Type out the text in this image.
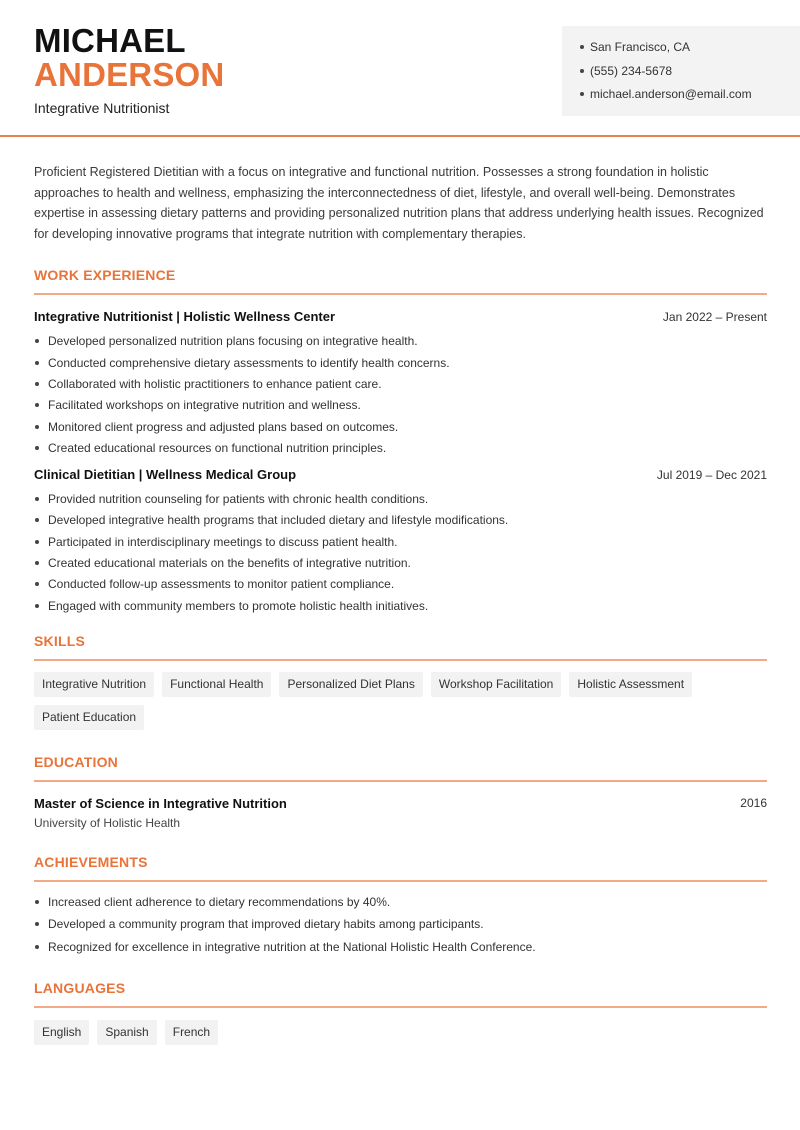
MICHAEL
ANDERSON
Integrative Nutritionist
San Francisco, CA
(555) 234-5678
michael.anderson@email.com

Proficient Registered Dietitian with a focus on integrative and functional nutrition. Possesses a strong foundation in holistic approaches to health and wellness, emphasizing the interconnectedness of diet, lifestyle, and overall well-being. Demonstrates expertise in assessing dietary patterns and providing personalized nutrition plans that address underlying health issues. Recognized for developing innovative programs that integrate nutrition with complementary therapies.

WORK EXPERIENCE
Integrative Nutritionist | Holistic Wellness Center	Jan 2022 – Present
Developed personalized nutrition plans focusing on integrative health.
Conducted comprehensive dietary assessments to identify health concerns.
Collaborated with holistic practitioners to enhance patient care.
Facilitated workshops on integrative nutrition and wellness.
Monitored client progress and adjusted plans based on outcomes.
Created educational resources on functional nutrition principles.
Clinical Dietitian | Wellness Medical Group	Jul 2019 – Dec 2021
Provided nutrition counseling for patients with chronic health conditions.
Developed integrative health programs that included dietary and lifestyle modifications.
Participated in interdisciplinary meetings to discuss patient health.
Created educational materials on the benefits of integrative nutrition.
Conducted follow-up assessments to monitor patient compliance.
Engaged with community members to promote holistic health initiatives.
SKILLS
Integrative Nutrition	Functional Health	Personalized Diet Plans	Workshop Facilitation	Holistic Assessment
Patient Education
EDUCATION
Master of Science in Integrative Nutrition	2016
University of Holistic Health
ACHIEVEMENTS
Increased client adherence to dietary recommendations by 40%.
Developed a community program that improved dietary habits among participants.
Recognized for excellence in integrative nutrition at the National Holistic Health Conference.
LANGUAGES
English	Spanish	French
